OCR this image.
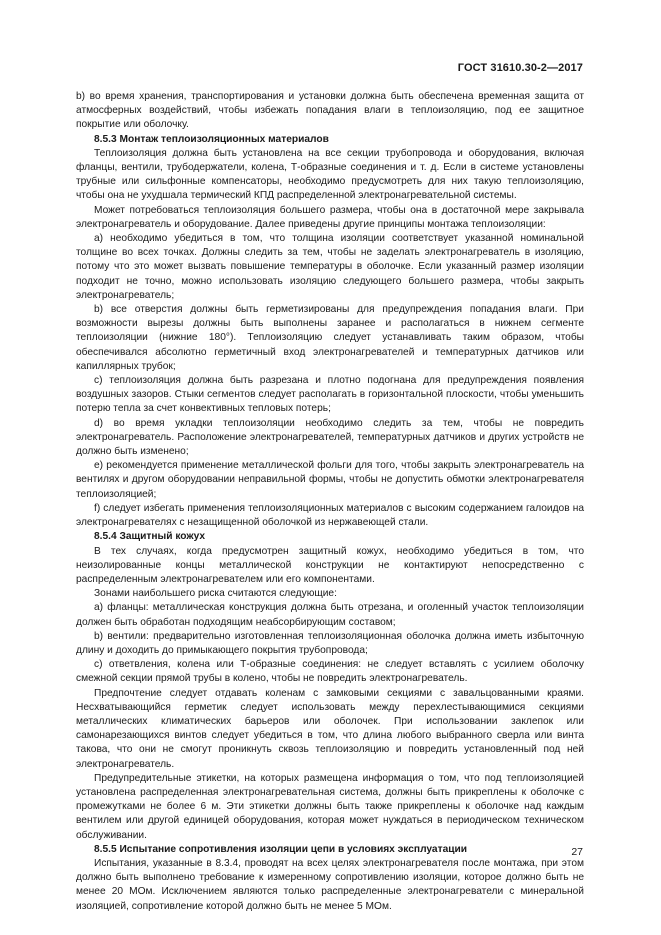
ГОСТ 31610.30-2—2017

b) во время хранения, транспортирования и установки должна быть обеспечена временная защита от атмосферных воздействий, чтобы избежать попадания влаги в теплоизоляцию, под ее защитное покрытие или оболочку.

8.5.3 Монтаж теплоизоляционных материалов

Теплоизоляция должна быть установлена на все секции трубопровода и оборудования, включая фланцы, вентили, трубодержатели, колена, Т-образные соединения и т. д. Если в системе установлены трубные или сильфонные компенсаторы, необходимо предусмотреть для них такую теплоизоляцию, чтобы она не ухудшала термический КПД распределенной электронагревательной системы.

Может потребоваться теплоизоляция большего размера, чтобы она в достаточной мере закрывала электронагреватель и оборудование. Далее приведены другие принципы монтажа теплоизоляции:

a) необходимо убедиться в том, что толщина изоляции соответствует указанной номинальной толщине во всех точках. Должны следить за тем, чтобы не заделать электронагреватель в изоляцию, потому что это может вызвать повышение температуры в оболочке. Если указанный размер изоляции подходит не точно, можно использовать изоляцию следующего большего размера, чтобы закрыть электронагреватель;

b) все отверстия должны быть герметизированы для предупреждения попадания влаги. При возможности вырезы должны быть выполнены заранее и располагаться в нижнем сегменте теплоизоляции (нижние 180°). Теплоизоляцию следует устанавливать таким образом, чтобы обеспечивался абсолютно герметичный вход электронагревателей и температурных датчиков или капиллярных трубок;

c) теплоизоляция должна быть разрезана и плотно подогнана для предупреждения появления воздушных зазоров. Стыки сегментов следует располагать в горизонтальной плоскости, чтобы уменьшить потерю тепла за счет конвективных тепловых потерь;

d) во время укладки теплоизоляции необходимо следить за тем, чтобы не повредить электронагреватель. Расположение электронагревателей, температурных датчиков и других устройств не должно быть изменено;

e) рекомендуется применение металлической фольги для того, чтобы закрыть электронагреватель на вентилях и другом оборудовании неправильной формы, чтобы не допустить обмотки электронагревателя теплоизоляцией;

f) следует избегать применения теплоизоляционных материалов с высоким содержанием галоидов на электронагревателях с незащищенной оболочкой из нержавеющей стали.

8.5.4 Защитный кожух

В тех случаях, когда предусмотрен защитный кожух, необходимо убедиться в том, что неизолированные концы металлической конструкции не контактируют непосредственно с распределенным электронагревателем или его компонентами.

Зонами наибольшего риска считаются следующие:

a) фланцы: металлическая конструкция должна быть отрезана, и оголенный участок теплоизоляции должен быть обработан подходящим неабсорбирующим составом;

b) вентили: предварительно изготовленная теплоизоляционная оболочка должна иметь избыточную длину и доходить до примыкающего покрытия трубопровода;

c) ответвления, колена или Т-образные соединения: не следует вставлять с усилием оболочку смежной секции прямой трубы в колено, чтобы не повредить электронагреватель.

Предпочтение следует отдавать коленам с замковыми секциями с завальцованными краями. Несхватывающийся герметик следует использовать между перехлестывающимися секциями металлических климатических барьеров или оболочек. При использовании заклепок или самонарезающихся винтов следует убедиться в том, что длина любого выбранного сверла или винта такова, что они не смогут проникнуть сквозь теплоизоляцию и повредить установленный под ней электронагреватель.

Предупредительные этикетки, на которых размещена информация о том, что под теплоизоляцией установлена распределенная электронагревательная система, должны быть прикреплены к оболочке с промежутками не более 6 м. Эти этикетки должны быть также прикреплены к оболочке над каждым вентилем или другой единицей оборудования, которая может нуждаться в периодическом техническом обслуживании.

8.5.5 Испытание сопротивления изоляции цепи в условиях эксплуатации

Испытания, указанные в 8.3.4, проводят на всех целях электронагревателя после монтажа, при этом должно быть выполнено требование к измеренному сопротивлению изоляции, которое должно быть не менее 20 МОм. Исключением являются только распределенные электронагреватели с минеральной изоляцией, сопротивление которой должно быть не менее 5 МОм.

27
